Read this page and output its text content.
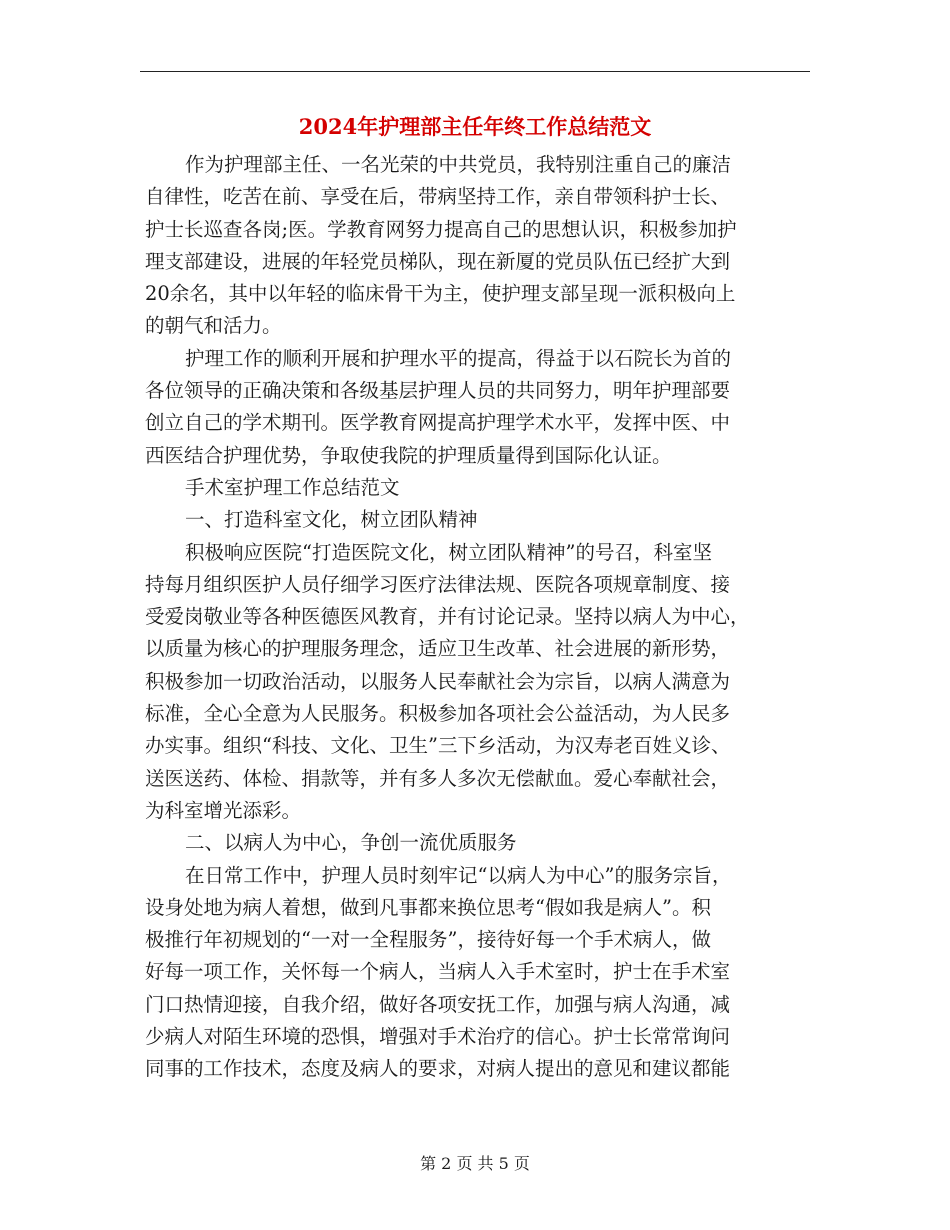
2024年护理部主任年终工作总结范文
作为护理部主任、一名光荣的中共党员，我特别注重自己的廉洁
自律性，吃苦在前、享受在后，带病坚持工作，亲自带领科护士长、
护士长巡查各岗;医。学教育网努力提高自己的思想认识，积极参加护
理支部建设，进展的年轻党员梯队，现在新厦的党员队伍已经扩大到
20余名，其中以年轻的临床骨干为主，使护理支部呈现一派积极向上
的朝气和活力。
护理工作的顺利开展和护理水平的提高，得益于以石院长为首的
各位领导的正确决策和各级基层护理人员的共同努力，明年护理部要
创立自己的学术期刊。医学教育网提高护理学术水平，发挥中医、中
西医结合护理优势，争取使我院的护理质量得到国际化认证。
手术室护理工作总结范文
一、打造科室文化，树立团队精神
积极响应医院“打造医院文化，树立团队精神”的号召，科室坚
持每月组织医护人员仔细学习医疗法律法规、医院各项规章制度、接
受爱岗敬业等各种医德医风教育，并有讨论记录。坚持以病人为中心，
以质量为核心的护理服务理念，适应卫生改革、社会进展的新形势，
积极参加一切政治活动，以服务人民奉献社会为宗旨，以病人满意为
标准，全心全意为人民服务。积极参加各项社会公益活动，为人民多
办实事。组织“科技、文化、卫生”三下乡活动，为汉寿老百姓义诊、
送医送药、体检、捐款等，并有多人多次无偿献血。爱心奉献社会，
为科室增光添彩。
二、以病人为中心，争创一流优质服务
在日常工作中，护理人员时刻牢记“以病人为中心”的服务宗旨，
设身处地为病人着想，做到凡事都来换位思考“假如我是病人”。积
极推行年初规划的“一对一全程服务”，接待好每一个手术病人，做
好每一项工作，关怀每一个病人，当病人入手术室时，护士在手术室
门口热情迎接，自我介绍，做好各项安抚工作，加强与病人沟通，减
少病人对陌生环境的恐惧，增强对手术治疗的信心。护士长常常询问
同事的工作技术，态度及病人的要求，对病人提出的意见和建议都能
第 2 页 共 5 页
